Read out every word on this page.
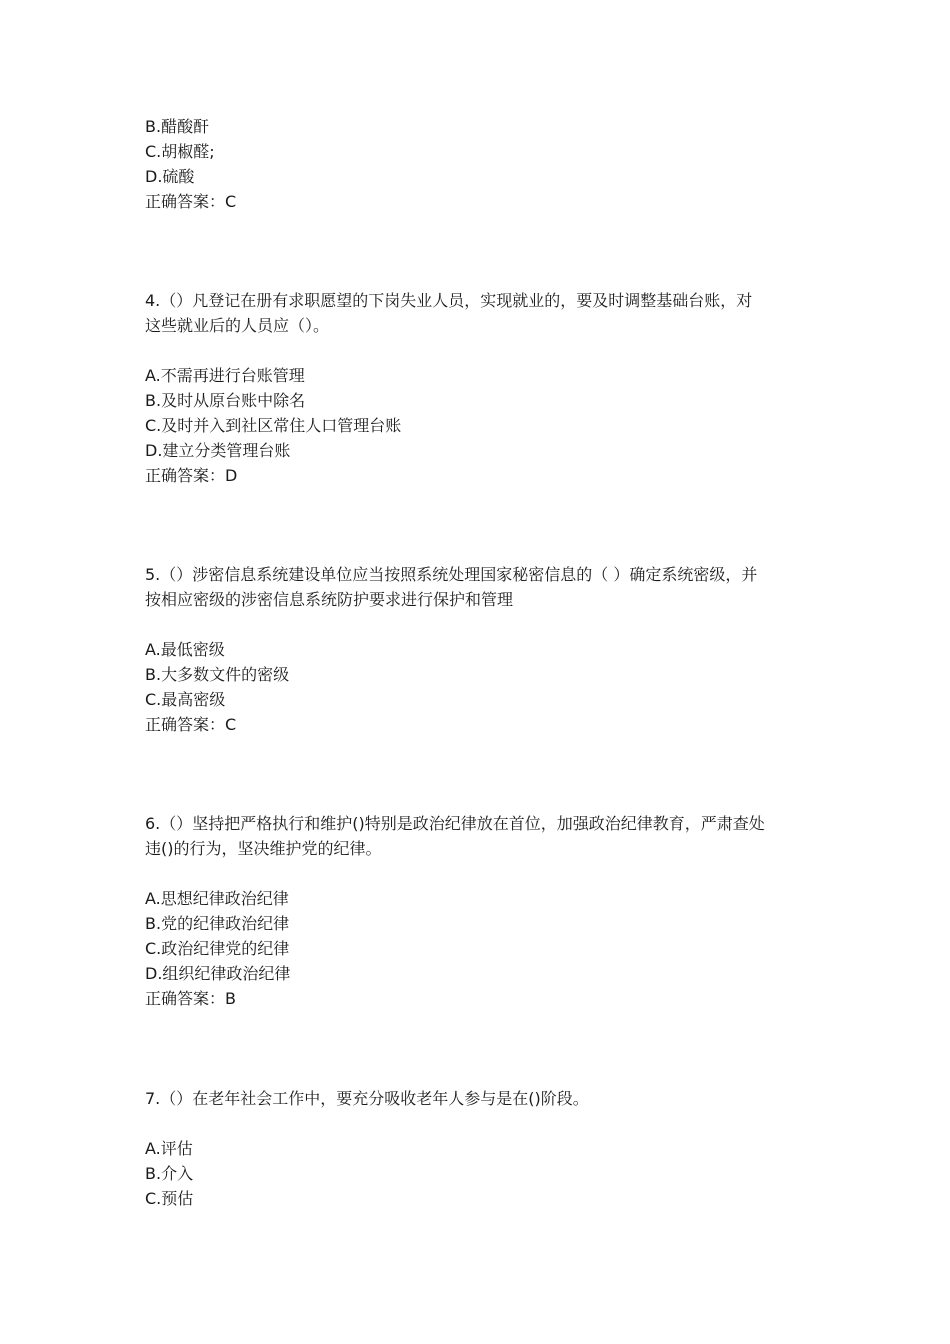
B.醋酸酐
C.胡椒醛;
D.硫酸
正确答案：C
4.（）凡登记在册有求职愿望的下岗失业人员，实现就业的，要及时调整基础台账，对
这些就业后的人员应（）。
A.不需再进行台账管理
B.及时从原台账中除名
C.及时并入到社区常住人口管理台账
D.建立分类管理台账
正确答案：D
5.（）涉密信息系统建设单位应当按照系统处理国家秘密信息的（ ）确定系统密级，并
按相应密级的涉密信息系统防护要求进行保护和管理
A.最低密级
B.大多数文件的密级
C.最高密级
正确答案：C
6.（）坚持把严格执行和维护()特别是政治纪律放在首位，加强政治纪律教育，严肃查处
违()的行为，坚决维护党的纪律。
A.思想纪律政治纪律
B.党的纪律政治纪律
C.政治纪律党的纪律
D.组织纪律政治纪律
正确答案：B
7.（）在老年社会工作中，要充分吸收老年人参与是在()阶段。
A.评估
B.介入
C.预估
